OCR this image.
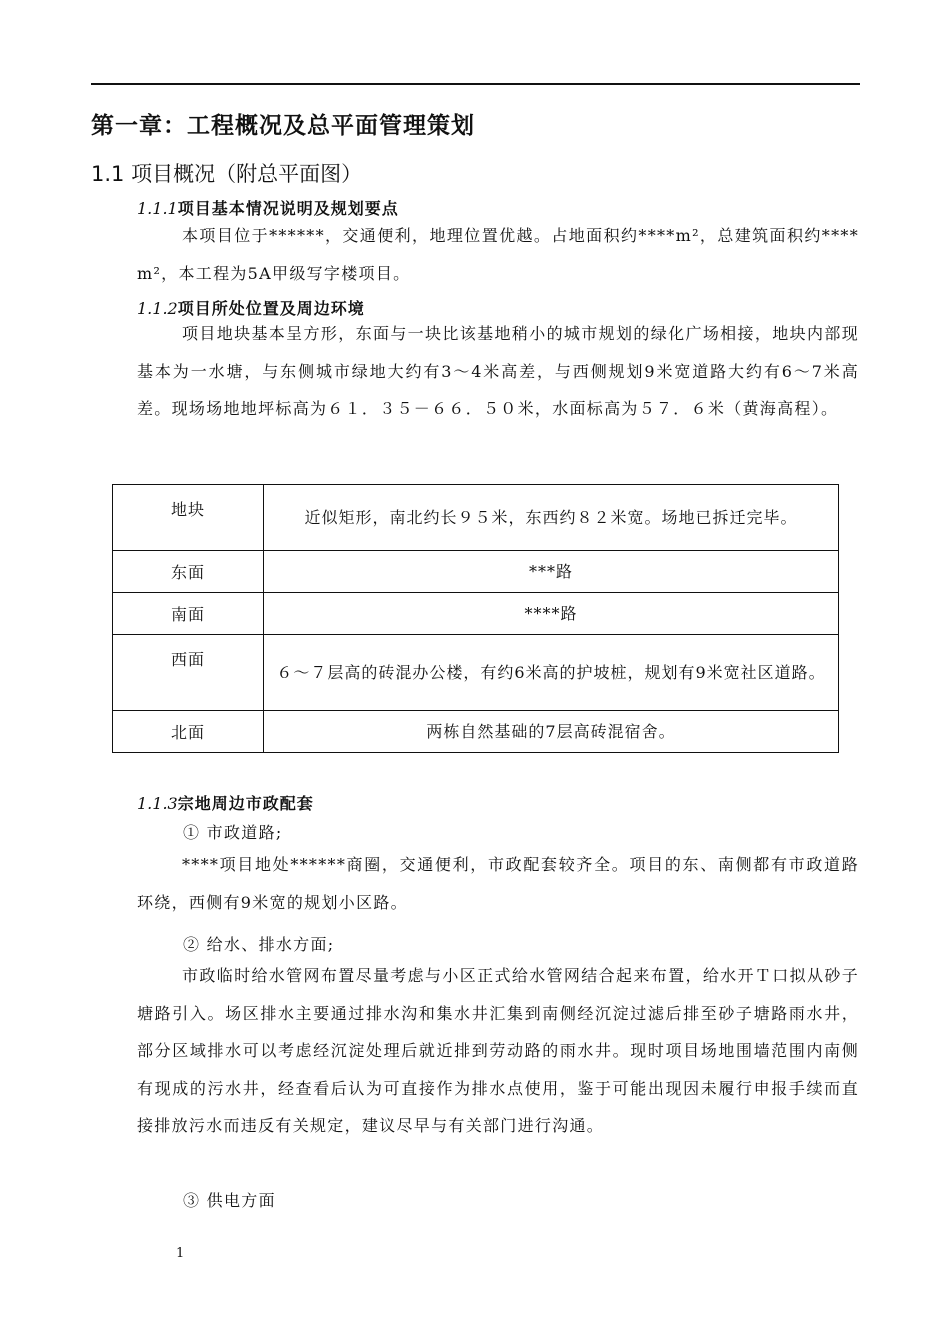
第一章：工程概况及总平面管理策划
1.1 项目概况（附总平面图）
1.1.1项目基本情况说明及规划要点
本项目位于******，交通便利，地理位置优越。占地面积约****m²，总建筑面积约**** m²，本工程为5A甲级写字楼项目。
1.1.2项目所处位置及周边环境
项目地块基本呈方形，东面与一块比该基地稍小的城市规划的绿化广场相接，地块内部现基本为一水塘，与东侧城市绿地大约有3～4米高差，与西侧规划9米宽道路大约有6～7米高差。现场场地地坪标高为６１．３５－６６．５０米，水面标高为５７．６米（黄海高程）。
地块	近似矩形，南北约长９５米，东西约８２米宽。场地已拆迁完毕。
东面	***路
南面	****路
西面	６～７层高的砖混办公楼，有约6米高的护坡桩，规划有9米宽社区道路。
北面	两栋自然基础的7层高砖混宿舍。
1.1.3宗地周边市政配套
① 市政道路;
****项目地处******商圈，交通便利，市政配套较齐全。项目的东、南侧都有市政道路环绕，西侧有9米宽的规划小区路。
② 给水、排水方面;
市政临时给水管网布置尽量考虑与小区正式给水管网结合起来布置，给水开Ｔ口拟从砂子塘路引入。场区排水主要通过排水沟和集水井汇集到南侧经沉淀过滤后排至砂子塘路雨水井，部分区域排水可以考虑经沉淀处理后就近排到劳动路的雨水井。现时项目场地围墙范围内南侧有现成的污水井，经查看后认为可直接作为排水点使用，鉴于可能出现因未履行申报手续而直接排放污水而违反有关规定，建议尽早与有关部门进行沟通。
③ 供电方面
1
